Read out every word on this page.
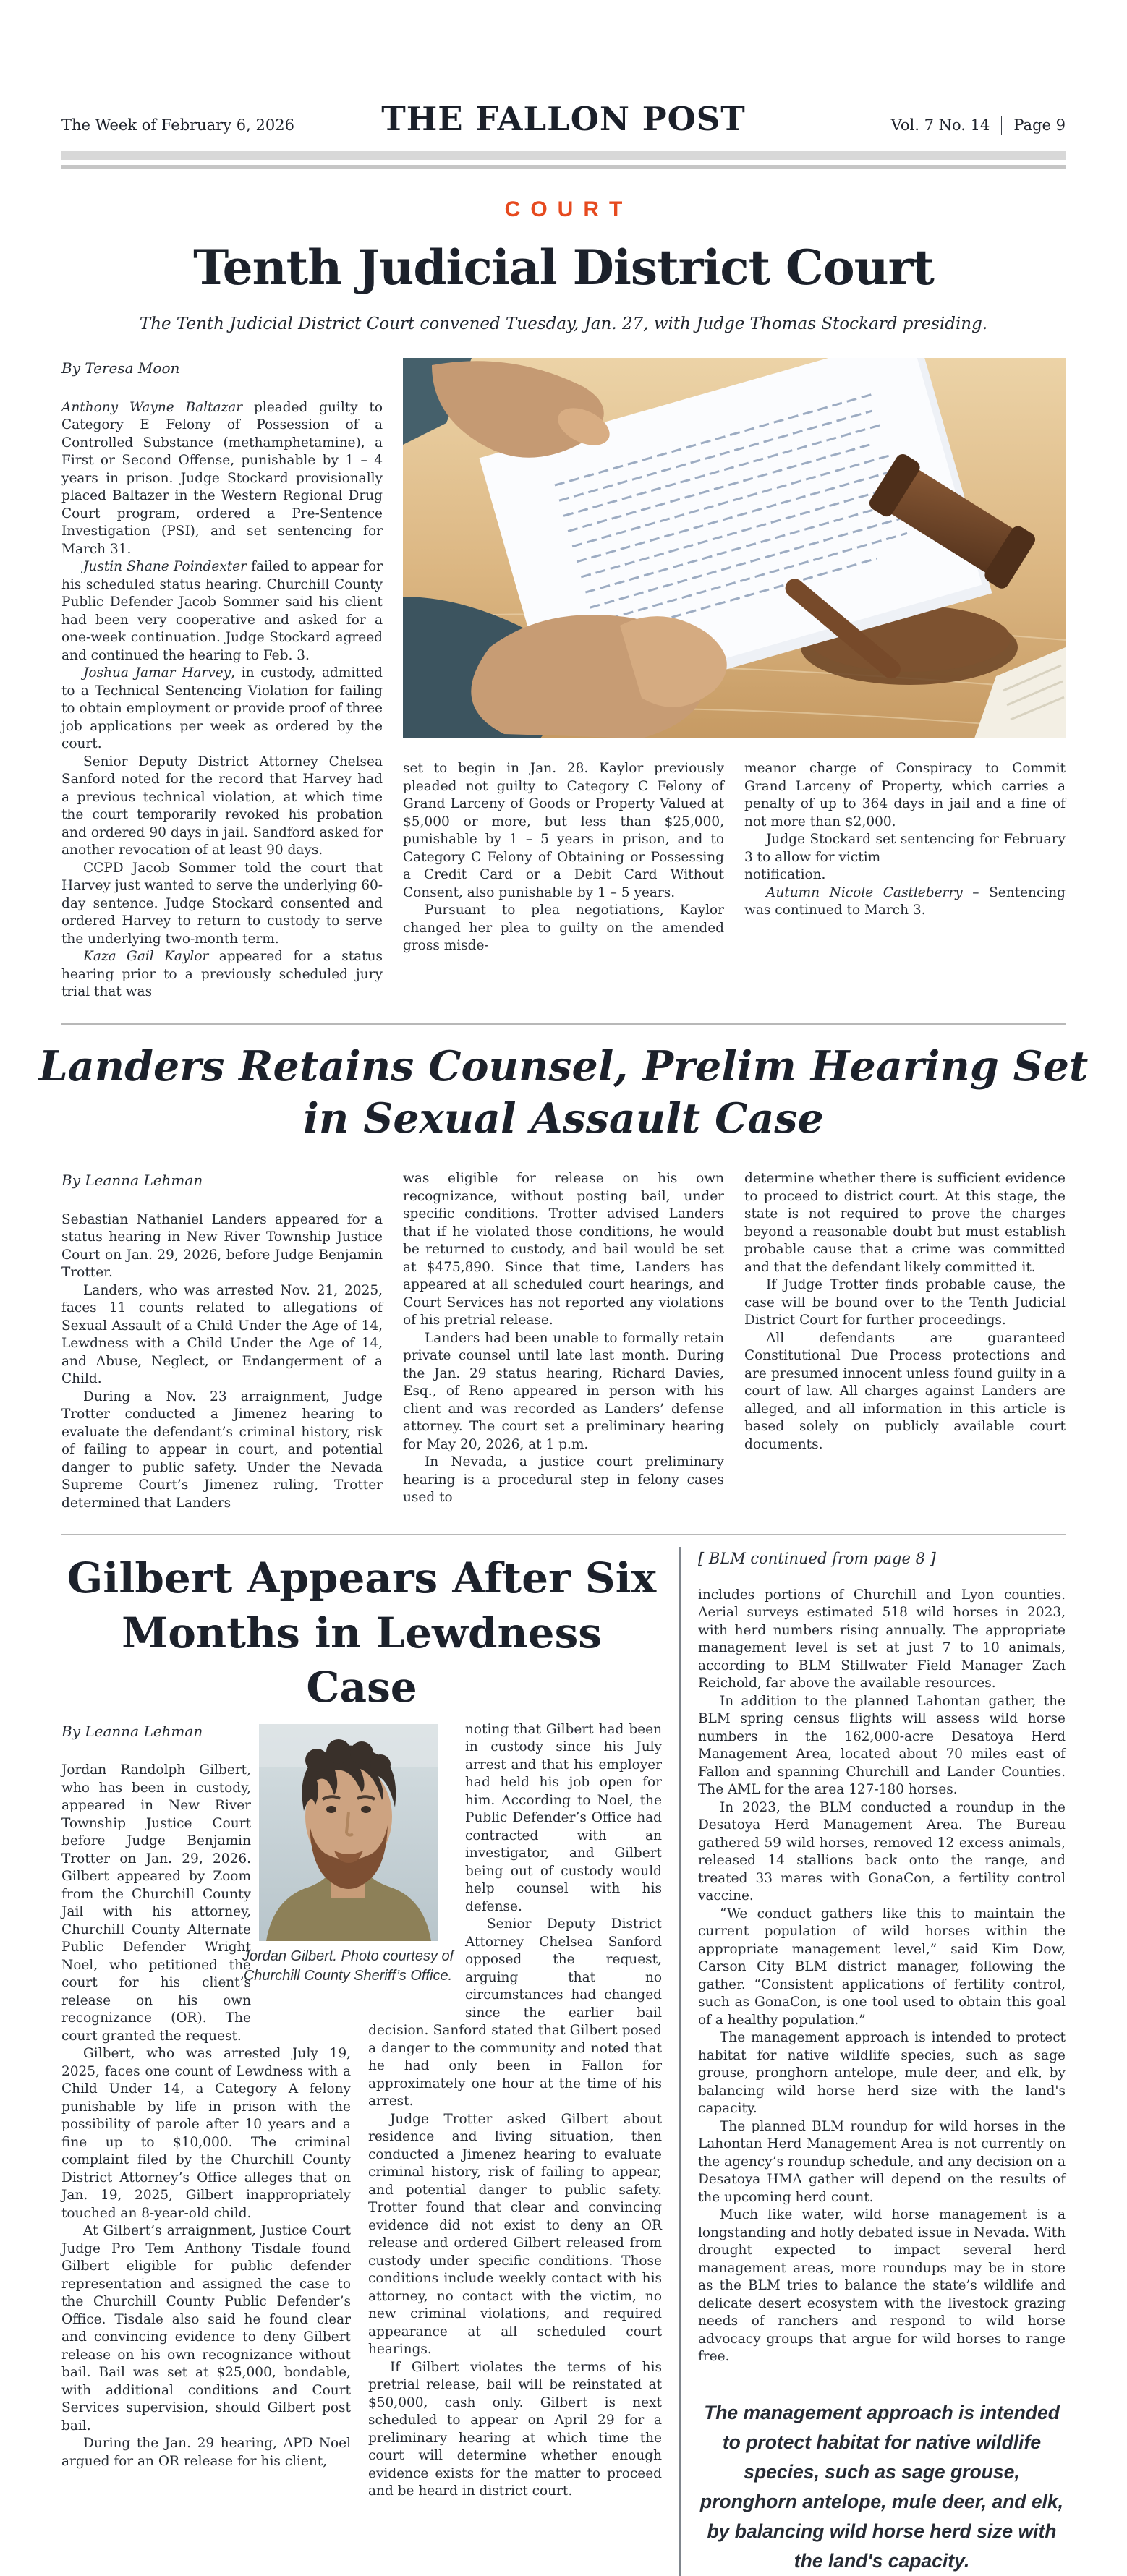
The Week of February 6, 2026	THE FALLON POST	Vol. 7 No. 14 Page 9
COURT
Tenth Judicial District Court
The Tenth Judicial District Court convened Tuesday, Jan. 27, with Judge Thomas Stockard presiding.
By Teresa Moon

Anthony Wayne Baltazar pleaded guilty to Category E Felony of Possession of a Controlled Substance (methamphetamine), a First or Second Offense, punishable by 1 – 4 years in prison. Judge Stockard provisionally placed Baltazer in the Western Regional Drug Court program, ordered a Pre-Sentence Investigation (PSI), and set sentencing for March 31.

Justin Shane Poindexter failed to appear for his scheduled status hearing. Churchill County Public Defender Jacob Sommer said his client had been very cooperative and asked for a one-week continuation. Judge Stockard agreed and continued the hearing to Feb. 3.

Joshua Jamar Harvey, in custody, admitted to a Technical Sentencing Violation for failing to obtain employment or provide proof of three job applications per week as ordered by the court.

Senior Deputy District Attorney Chelsea Sanford noted for the record that Harvey had a previous technical violation, at which time the court temporarily revoked his probation and ordered 90 days in jail. Sandford asked for another revocation of at least 90 days.

CCPD Jacob Sommer told the court that Harvey just wanted to serve the underlying 60-day sentence. Judge Stockard consented and ordered Harvey to return to custody to serve the underlying two-month term.

Kaza Gail Kaylor appeared for a status hearing prior to a previously scheduled jury trial that was

set to begin in Jan. 28. Kaylor previously pleaded not guilty to Category C Felony of Grand Larceny of Goods or Property Valued at $5,000 or more, but less than $25,000, punishable by 1 – 5 years in prison, and to Category C Felony of Obtaining or Possessing a Credit Card or a Debit Card Without Consent, also punishable by 1 – 5 years.

Pursuant to plea negotiations, Kaylor changed her plea to guilty on the amended gross misde-

meanor charge of Conspiracy to Commit Grand Larceny of Property, which carries a penalty of up to 364 days in jail and a fine of not more than $2,000.

Judge Stockard set sentencing for February 3 to allow for victim

notification.

Autumn Nicole Castleberry – Sentencing was continued to March 3.

Landers Retains Counsel, Prelim Hearing Set
in Sexual Assault Case
By Leanna Lehman

Sebastian Nathaniel Landers appeared for a status hearing in New River Township Justice Court on Jan. 29, 2026, before Judge Benjamin Trotter.

Landers, who was arrested Nov. 21, 2025, faces 11 counts related to allegations of Sexual Assault of a Child Under the Age of 14, Lewdness with a Child Under the Age of 14, and Abuse, Neglect, or Endangerment of a Child.

During a Nov. 23 arraignment, Judge Trotter conducted a Jimenez hearing to evaluate the defendant’s criminal history, risk of failing to appear in court, and potential danger to public safety. Under the Nevada Supreme Court’s Jimenez ruling, Trotter determined that Landers

was eligible for release on his own recognizance, without posting bail, under specific conditions. Trotter advised Landers that if he violated those conditions, he would be returned to custody, and bail would be set at $475,890. Since that time, Landers has appeared at all scheduled court hearings, and Court Services has not reported any violations of his pretrial release.

Landers had been unable to formally retain private counsel until late last month. During the Jan. 29 status hearing, Richard Davies, Esq., of Reno appeared in person with his client and was recorded as Landers’ defense attorney. The court set a preliminary hearing for May 20, 2026, at 1 p.m.

In Nevada, a justice court preliminary hearing is a procedural step in felony cases used to

determine whether there is sufficient evidence to proceed to district court. At this stage, the state is not required to prove the charges beyond a reasonable doubt but must establish probable cause that a crime was committed and that the defendant likely committed it.

If Judge Trotter finds probable cause, the case will be bound over to the Tenth Judicial District Court for further proceedings.

All defendants are guaranteed Constitutional Due Process protections and are presumed innocent unless found guilty in a court of law. All charges against Landers are alleged, and all information in this article is based solely on publicly available court documents.

Gilbert Appears After Six
Months in Lewdness Case
Jordan Gilbert. Photo courtesy of
Churchill County Sheriff’s Office.
By Leanna Lehman

Jordan Randolph Gilbert, who has been in custody, appeared in New River Township Justice Court before Judge Benjamin Trotter on Jan. 29, 2026. Gilbert appeared by Zoom from the Churchill County Jail with his attorney, Churchill County Alternate Public Defender Wright Noel, who petitioned the court for his client’s release on his own recognizance (OR). The court granted the request.

Gilbert, who was arrested July 19, 2025, faces one count of Lewdness with a Child Under 14, a Category A felony punishable by life in prison with the possibility of parole after 10 years and a fine up to $10,000. The criminal complaint filed by the Churchill County District Attorney’s Office alleges that on Jan. 19, 2025, Gilbert inappropriately touched an 8-year-old child.

At Gilbert’s arraignment, Justice Court Judge Pro Tem Anthony Tisdale found Gilbert eligible for public defender representation and assigned the case to the Churchill County Public Defender’s Office. Tisdale also said he found clear and convincing evidence to deny Gilbert release on his own recognizance without bail. Bail was set at $25,000, bondable, with additional conditions and Court Services supervision, should Gilbert post bail.

During the Jan. 29 hearing, APD Noel argued for an OR release for his client,

noting that Gilbert had been in custody since his July arrest and that his employer had held his job open for him. According to Noel, the Public Defender’s Office had contracted with an investigator, and Gilbert being out of custody would help counsel with his defense.

Senior Deputy District Attorney Chelsea Sanford opposed the request, arguing that no circumstances had changed since the earlier bail decision. Sanford stated that Gilbert posed a danger to the community and noted that he had only been in Fallon for approximately one hour at the time of his arrest.

Judge Trotter asked Gilbert about residence and living situation, then conducted a Jimenez hearing to evaluate criminal history, risk of failing to appear, and potential danger to public safety. Trotter found that clear and convincing evidence did not exist to deny an OR release and ordered Gilbert released from custody under specific conditions. Those conditions include weekly contact with his attorney, no contact with the victim, no new criminal violations, and required appearance at all scheduled court hearings.

If Gilbert violates the terms of his pretrial release, bail will be reinstated at $50,000, cash only. Gilbert is next scheduled to appear on April 29 for a preliminary hearing at which time the court will determine whether enough evidence exists for the matter to proceed and be heard in district court.

[ BLM continued from page 8 ]

includes portions of Churchill and Lyon counties. Aerial surveys estimated 518 wild horses in 2023, with herd numbers rising annually. The appropriate management level is set at just 7 to 10 animals, according to BLM Stillwater Field Manager Zach Reichold, far above the available resources.

In addition to the planned Lahontan gather, the BLM spring census flights will assess wild horse numbers in the 162,000-acre Desatoya Herd Management Area, located about 70 miles east of Fallon and spanning Churchill and Lander Counties. The AML for the area 127-180 horses.

In 2023, the BLM conducted a roundup in the Desatoya Herd Management Area. The Bureau gathered 59 wild horses, removed 12 excess animals, released 14 stallions back onto the range, and treated 33 mares with GonaCon, a fertility control vaccine.

“We conduct gathers like this to maintain the current population of wild horses within the appropriate management level,” said Kim Dow, Carson City BLM district manager, following the gather. “Consistent applications of fertility control, such as GonaCon, is one tool used to obtain this goal of a healthy population.”

The management approach is intended to protect habitat for native wildlife species, such as sage grouse, pronghorn antelope, mule deer, and elk, by balancing wild horse herd size with the land's capacity.

The planned BLM roundup for wild horses in the Lahontan Herd Management Area is not currently on the agency’s roundup schedule, and any decision on a Desatoya HMA gather will depend on the results of the upcoming herd count.

Much like water, wild horse management is a longstanding and hotly debated issue in Nevada. With drought expected to impact several herd management areas, more roundups may be in store as the BLM tries to balance the state’s wildlife and delicate desert ecosystem with the livestock grazing needs of ranchers and respond to wild horse advocacy groups that argue for wild horses to range free.

The management approach is intended to protect habitat for native wildlife species, such as sage grouse, pronghorn antelope, mule deer, and elk, by balancing wild horse herd size with the land's capacity.
